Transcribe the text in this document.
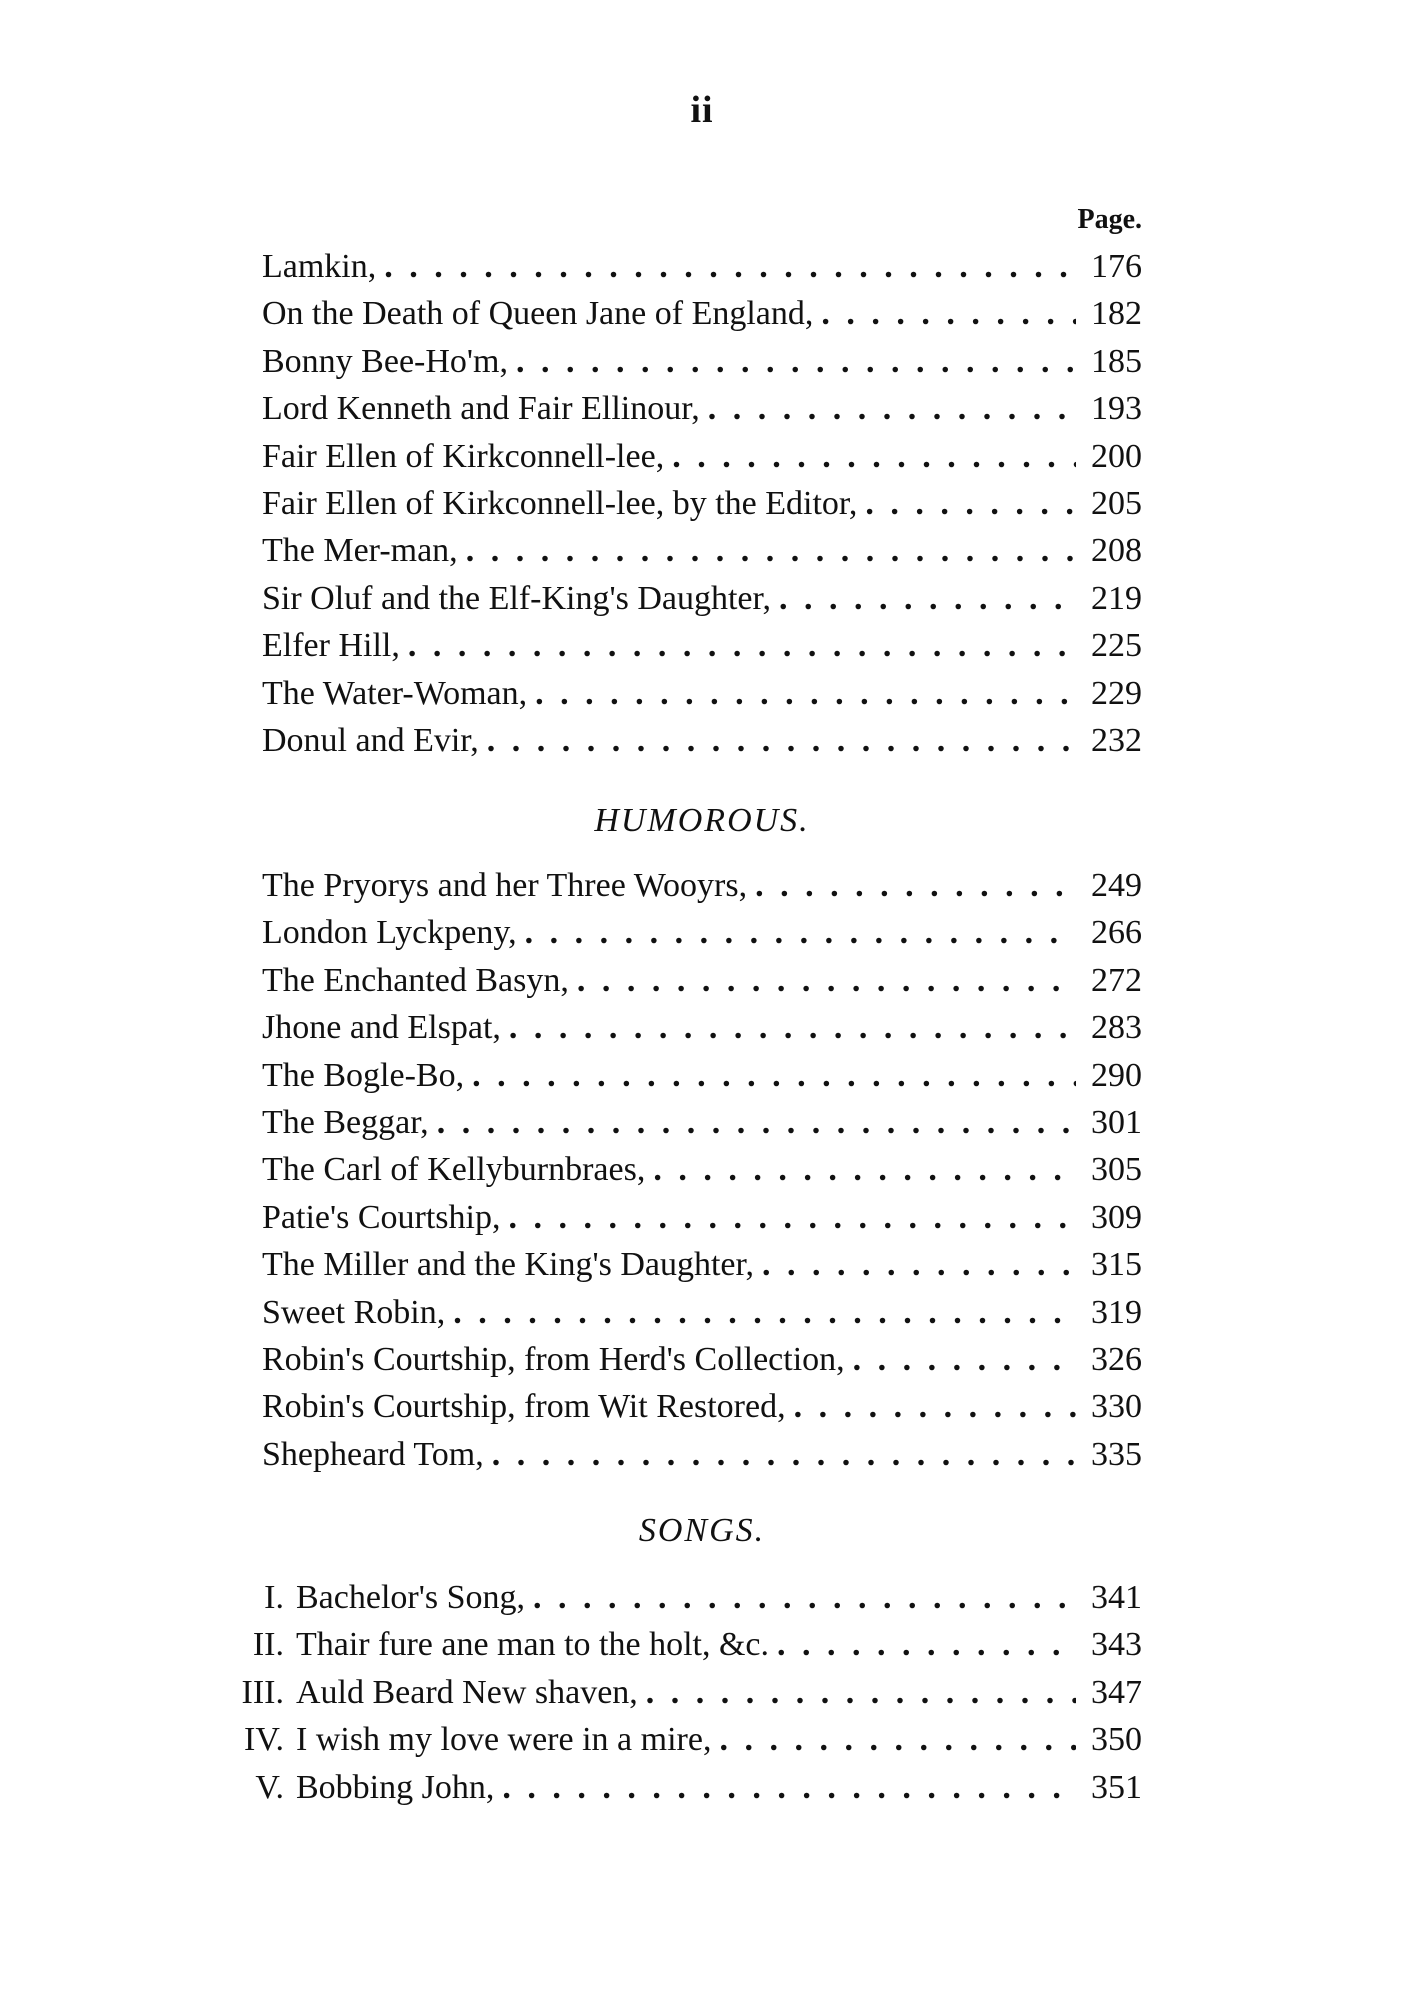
ii
Page.
Lamkin, . . .	176
On the Death of Queen Jane of England, . . .	182
Bonny Bee-Ho'm, . . .	185
Lord Kenneth and Fair Ellinour, . . .	193
Fair Ellen of Kirkconnell-lee, . . .	200
Fair Ellen of Kirkconnell-lee, by the Editor, . . .	205
The Mer-man, . . .	208
Sir Oluf and the Elf-King's Daughter, . . .	219
Elfer Hill, . . .	225
The Water-Woman, . . .	229
Donul and Evir, . . .	232
HUMOROUS.
The Pryorys and her Three Wooyrs, . . .	249
London Lyckpeny, . . .	266
The Enchanted Basyn, . . .	272
Jhone and Elspat, . . .	283
The Bogle-Bo, . . .	290
The Beggar, . . .	301
The Carl of Kellyburnbraes, . . .	305
Patie's Courtship, . . .	309
The Miller and the King's Daughter, . . .	315
Sweet Robin, . . .	319
Robin's Courtship, from Herd's Collection, . . .	326
Robin's Courtship, from Wit Restored, . . .	330
Shepheard Tom, . . .	335
SONGS.
I. Bachelor's Song, . . .	341
II. Thair fure ane man to the holt, &c. . . .	343
III. Auld Beard New shaven, . . .	347
IV. I wish my love were in a mire, . . .	350
V. Bobbing John, . . .	351
